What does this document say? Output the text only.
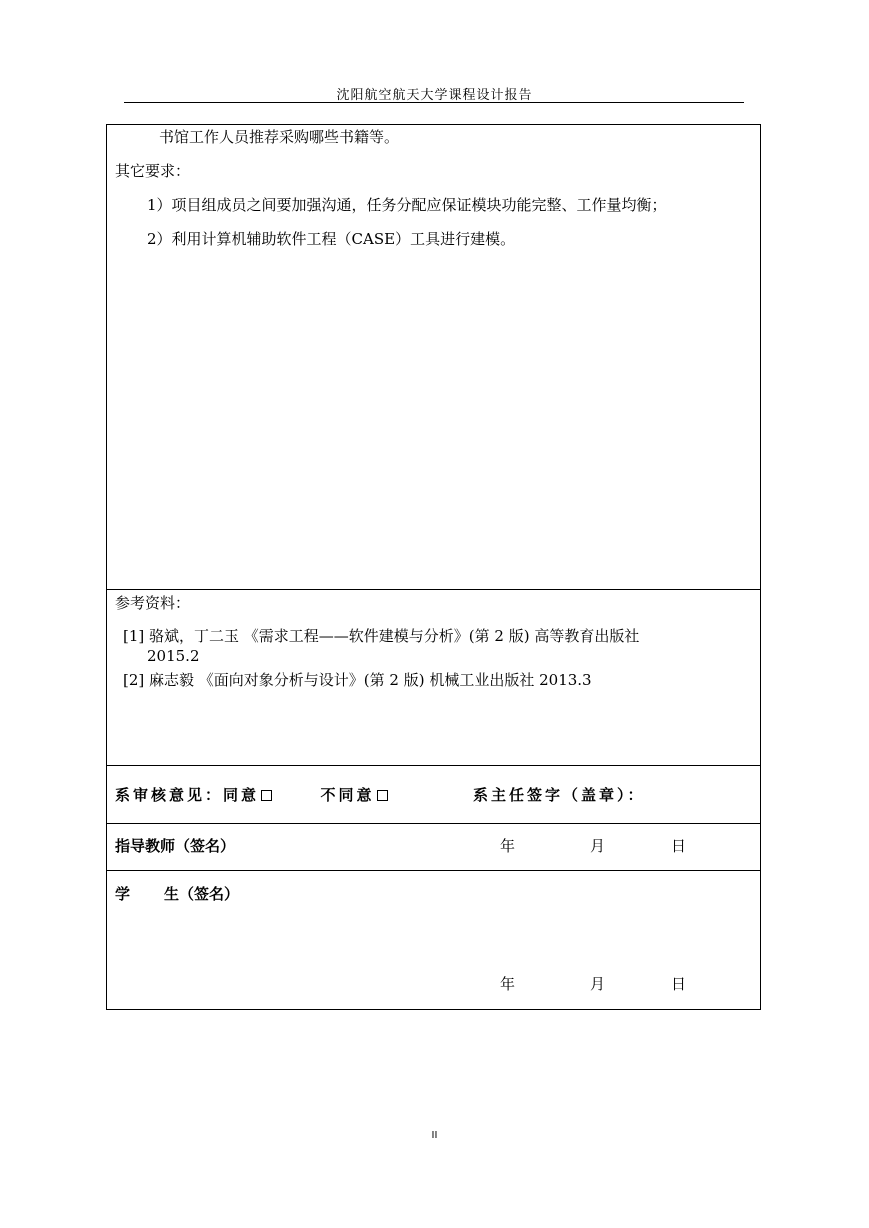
沈阳航空航天大学课程设计报告
书馆工作人员推荐采购哪些书籍等。
其它要求：
1）项目组成员之间要加强沟通，任务分配应保证模块功能完整、工作量均衡；
2）利用计算机辅助软件工程（CASE）工具进行建模。
参考资料：
[1] 骆斌，丁二玉 《需求工程——软件建模与分析》(第 2 版) 高等教育出版社
2015.2
[2] 麻志毅 《面向对象分析与设计》(第 2 版) 机械工业出版社 2013.3
系审核意见：同意	不同意	系主任签字（盖章）：
指导教师（签名）	年	月	日
学 生（签名）
年	月	日
II
